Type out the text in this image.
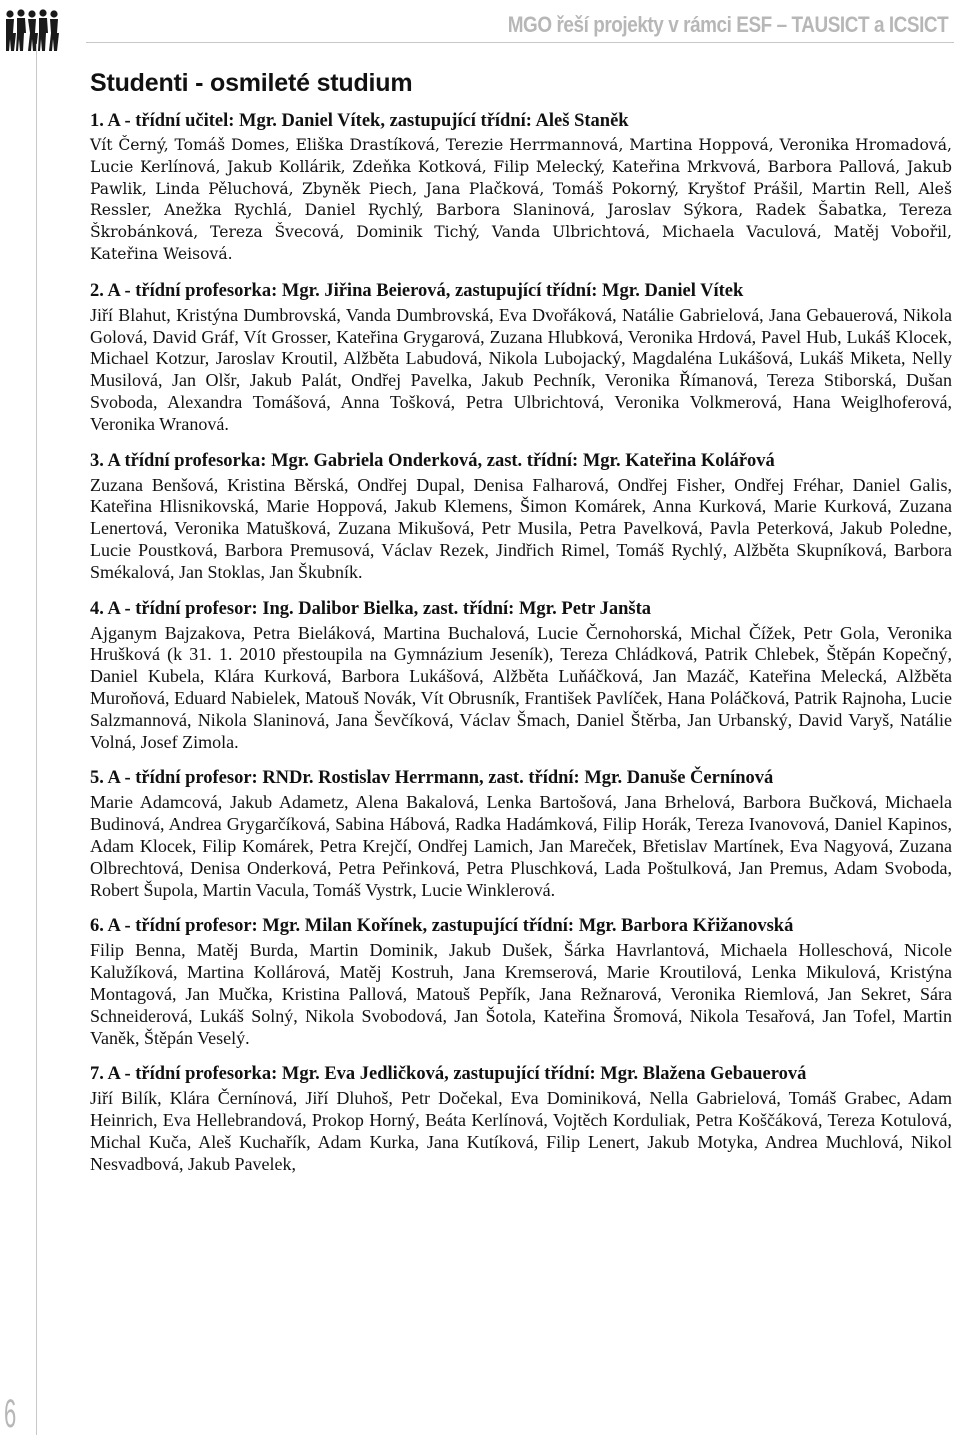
MGO řeší projekty v rámci ESF – TAUSICT a ICSICT
6
Studenti - osmileté studium
1. A - třídní učitel: Mgr. Daniel Vítek, zastupující třídní: Aleš Staněk

Vít Černý, Tomáš Domes, Eliška Drastíková, Terezie Herrmannová, Martina Hoppová, Veronika Hromadová, Lucie Kerlínová, Jakub Kollárik, Zdeňka Kotková, Filip Melecký, Kateřina Mrkvová, Barbora Pallová, Jakub Pawlik, Linda Pěluchová, Zbyněk Piech, Jana Plačková, Tomáš Pokorný, Kryštof Prášil, Martin Rell, Aleš Ressler, Anežka Rychlá, Daniel Rychlý, Barbora Slaninová, Jaroslav Sýkora, Radek Šabatka, Tereza Škrobánková, Tereza Švecová, Dominik Tichý, Vanda Ulbrichtová, Michaela Vaculová, Matěj Vobořil, Kateřina Weisová.

2. A - třídní profesorka: Mgr. Jiřina Beierová, zastupující třídní: Mgr. Daniel Vítek

Jiří Blahut, Kristýna Dumbrovská, Vanda Dumbrovská, Eva Dvořáková, Natálie Gabrielová, Jana Gebauerová, Nikola Golová, David Gráf, Vít Grosser, Kateřina Grygarová, Zuzana Hlubková, Veronika Hrdová, Pavel Hub, Lukáš Klocek, Michael Kotzur, Jaroslav Kroutil, Alžběta Labudová, Nikola Lubojacký, Magdaléna Lukášová, Lukáš Miketa, Nelly Musilová, Jan Olšr, Jakub Palát, Ondřej Pavelka, Jakub Pechník, Veronika Římanová, Tereza Stiborská, Dušan Svoboda, Alexandra Tomášová, Anna Tošková, Petra Ulbrichtová, Veronika Volkmerová, Hana Weiglhoferová, Veronika Wranová.

3. A třídní profesorka: Mgr. Gabriela Onderková, zast. třídní: Mgr. Kateřina Kolářová

Zuzana Benšová, Kristina Běrská, Ondřej Dupal, Denisa Falharová, Ondřej Fisher, Ondřej Fréhar, Daniel Galis, Kateřina Hlisnikovská, Marie Hoppová, Jakub Klemens, Šimon Komárek, Anna Kurková, Marie Kurková, Zuzana Lenertová, Veronika Matušková, Zuzana Mikušová, Petr Musila, Petra Pavelková, Pavla Peterková, Jakub Poledne, Lucie Poustková, Barbora Premusová, Václav Rezek, Jindřich Rimel, Tomáš Rychlý, Alžběta Skupníková, Barbora Smékalová, Jan Stoklas, Jan Škubník.

4. A - třídní profesor: Ing. Dalibor Bielka, zast. třídní: Mgr. Petr Janšta

Ajganym Bajzakova, Petra Bieláková, Martina Buchalová, Lucie Černohorská, Michal Čížek, Petr Gola, Veronika Hrušková (k 31. 1. 2010 přestoupila na Gymnázium Jeseník), Tereza Chládková, Patrik Chlebek, Štěpán Kopečný, Daniel Kubela, Klára Kurková, Barbora Lukášová, Alžběta Luňáčková, Jan Mazáč, Kateřina Melecká, Alžběta Muroňová, Eduard Nabielek, Matouš Novák, Vít Obrusník, František Pavlíček, Hana Poláčková, Patrik Rajnoha, Lucie Salzmannová, Nikola Slaninová, Jana Ševčíková, Václav Šmach, Daniel Štěrba, Jan Urbanský, David Varyš, Natálie Volná, Josef Zimola.

5. A - třídní profesor: RNDr. Rostislav Herrmann, zast. třídní: Mgr. Danuše Černínová

Marie Adamcová, Jakub Adametz, Alena Bakalová, Lenka Bartošová, Jana Brhelová, Barbora Bučková, Michaela Budinová, Andrea Grygarčíková, Sabina Hábová, Radka Hadámková, Filip Horák, Tereza Ivanovová, Daniel Kapinos, Adam Klocek, Filip Komárek, Petra Krejčí, Ondřej Lamich, Jan Mareček, Břetislav Martínek, Eva Nagyová, Zuzana Olbrechtová, Denisa Onderková, Petra Peřinková, Petra Pluschková, Lada Poštulková, Jan Premus, Adam Svoboda, Robert Šupola, Martin Vacula, Tomáš Vystrk, Lucie Winklerová.

6. A - třídní profesor: Mgr. Milan Kořínek, zastupující třídní: Mgr. Barbora Křižanovská

Filip Benna, Matěj Burda, Martin Dominik, Jakub Dušek, Šárka Havrlantová, Michaela Holleschová, Nicole Kalužíková, Martina Kollárová, Matěj Kostruh, Jana Kremserová, Marie Kroutilová, Lenka Mikulová, Kristýna Montagová, Jan Mučka, Kristina Pallová, Matouš Pepřík, Jana Režnarová, Veronika Riemlová, Jan Sekret, Sára Schneiderová, Lukáš Solný, Nikola Svobodová, Jan Šotola, Kateřina Šromová, Nikola Tesařová, Jan Tofel, Martin Vaněk, Štěpán Veselý.

7. A - třídní profesorka: Mgr. Eva Jedličková, zastupující třídní: Mgr. Blažena Gebauerová

Jiří Bilík, Klára Černínová, Jiří Dluhoš, Petr Dočekal, Eva Dominiková, Nella Gabrielová, Tomáš Grabec, Adam Heinrich, Eva Hellebrandová, Prokop Horný, Beáta Kerlínová, Vojtěch Korduliak, Petra Koščáková, Tereza Kotulová, Michal Kuča, Aleš Kuchařík, Adam Kurka, Jana Kutíková, Filip Lenert, Jakub Motyka, Andrea Muchlová, Nikol Nesvadbová, Jakub Pavelek,
